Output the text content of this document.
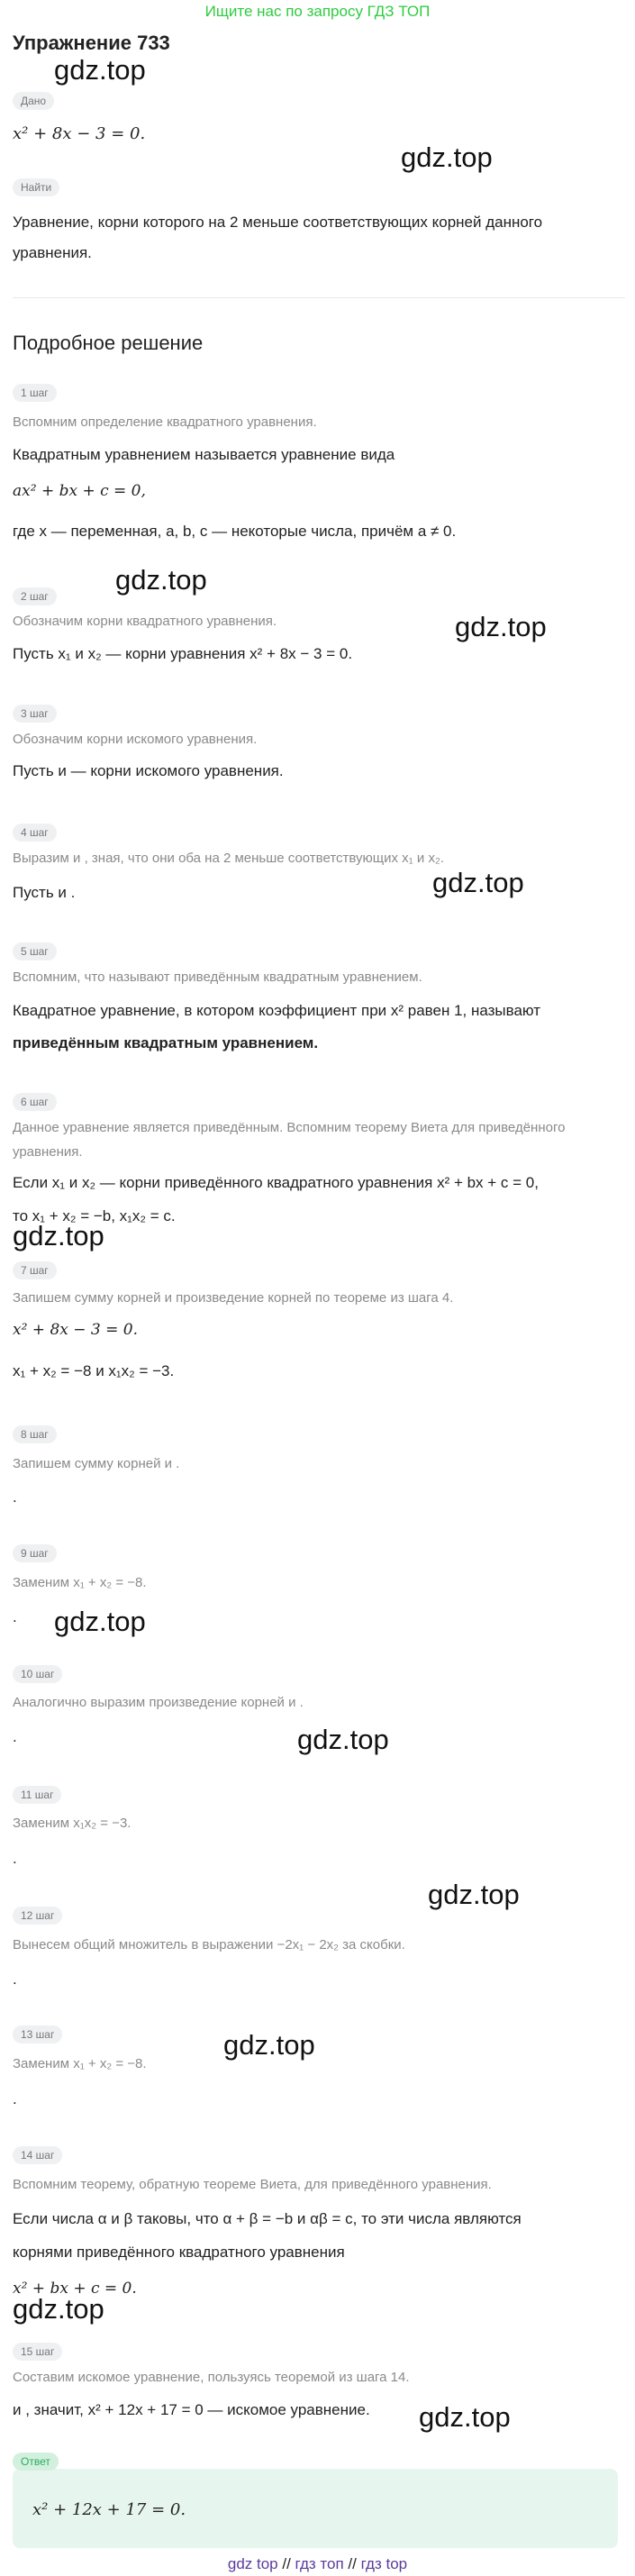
Ищите нас по запросу ГДЗ ТОП
Упражнение 733
Дано
x² + 8x − 3 = 0.
Найти
Уравнение, корни которого на 2 меньше соответствующих корней данного
уравнения.
Подробное решение
1 шаг
Вспомним определение квадратного уравнения.
Квадратным уравнением называется уравнение вида
ax² + bx + c = 0,
где x — переменная, a, b, c — некоторые числа, причём a ≠ 0.
2 шаг
Обозначим корни квадратного уравнения.
Пусть x₁ и x₂ — корни уравнения x² + 8x − 3 = 0.
3 шаг
Обозначим корни искомого уравнения.
Пусть и — корни искомого уравнения.
4 шаг
Выразим и , зная, что они оба на 2 меньше соответствующих x₁ и x₂.
Пусть и .
5 шаг
Вспомним, что называют приведённым квадратным уравнением.
Квадратное уравнение, в котором коэффициент при x² равен 1, называют
приведённым квадратным уравнением.
6 шаг
Данное уравнение является приведённым. Вспомним теорему Виета для приведённого
уравнения.
Если x₁ и x₂ — корни приведённого квадратного уравнения x² + bx + c = 0,
то x₁ + x₂ = −b, x₁x₂ = c.
7 шаг
Запишем сумму корней и произведение корней по теореме из шага 4.
x² + 8x − 3 = 0.
x₁ + x₂ = −8 и x₁x₂ = −3.
8 шаг
Запишем сумму корней и .
.
9 шаг
Заменим x₁ + x₂ = −8.
.
10 шаг
Аналогично выразим произведение корней и .
.
11 шаг
Заменим x₁x₂ = −3.
.
12 шаг
Вынесем общий множитель в выражении −2x₁ − 2x₂ за скобки.
.
13 шаг
Заменим x₁ + x₂ = −8.
.
14 шаг
Вспомним теорему, обратную теореме Виета, для приведённого уравнения.
Если числа α и β таковы, что α + β = −b и αβ = c, то эти числа являются
корнями приведённого квадратного уравнения
x² + bx + c = 0.
15 шаг
Составим искомое уравнение, пользуясь теоремой из шага 14.
и , значит, x² + 12x + 17 = 0 — искомое уравнение.
Ответ
x² + 12x + 17 = 0.
gdz top // гдз топ // гдз top
gdz.top
gdz.top
gdz.top
gdz.top
gdz.top
gdz.top
gdz.top
gdz.top
gdz.top
gdz.top
gdz.top
gdz.top
